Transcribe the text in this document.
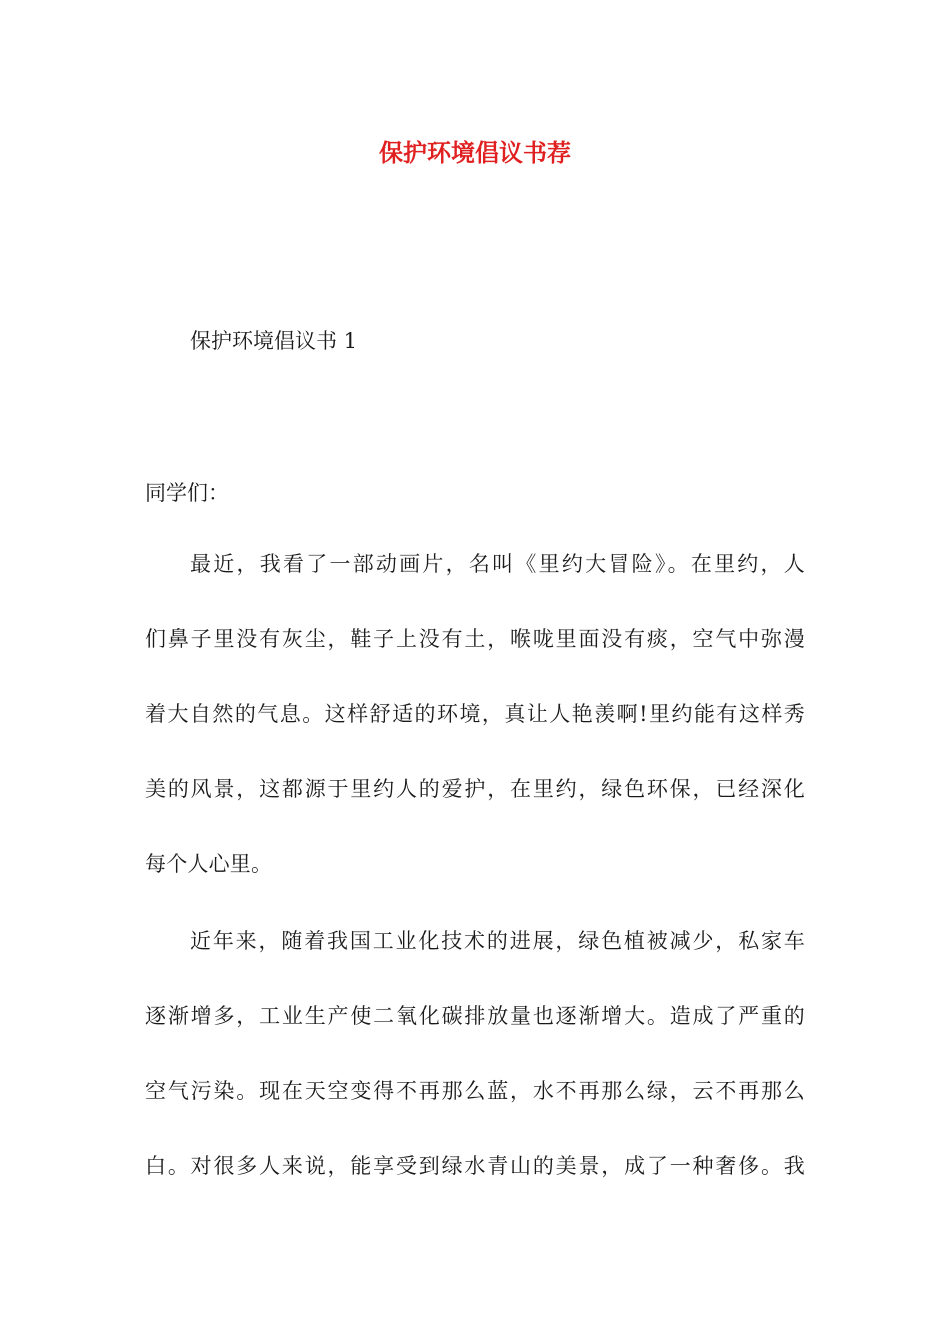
保护环境倡议书荐

保护环境倡议书 1

同学们：

最近，我看了一部动画片，名叫《里约大冒险》。在里约，人
们鼻子里没有灰尘，鞋子上没有土，喉咙里面没有痰，空气中弥漫
着大自然的气息。这样舒适的环境，真让人艳羡啊!里约能有这样秀
美的风景，这都源于里约人的爱护，在里约，绿色环保，已经深化
每个人心里。
近年来，随着我国工业化技术的进展，绿色植被减少，私家车
逐渐增多，工业生产使二氧化碳排放量也逐渐增大。造成了严重的
空气污染。现在天空变得不再那么蓝，水不再那么绿，云不再那么
白。对很多人来说，能享受到绿水青山的美景，成了一种奢侈。我
